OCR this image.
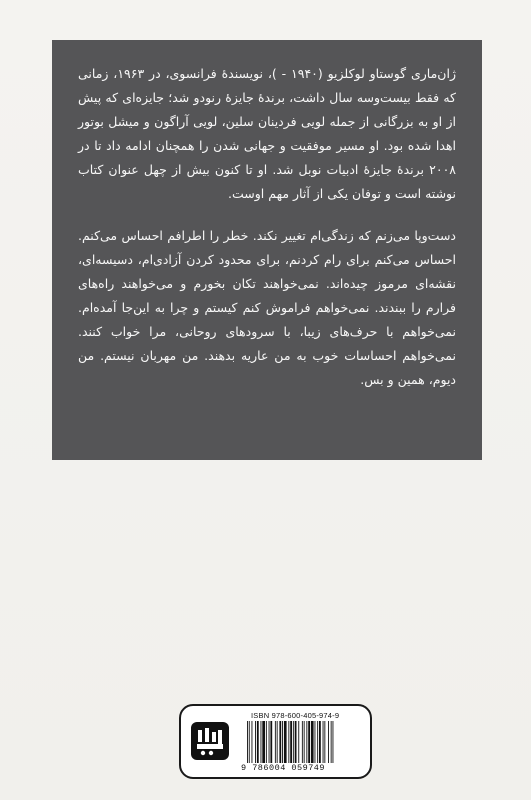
ژان‌ماری گوستاو لوکلزیو (۱۹۴۰ - )، نویسندهٔ فرانسوی، در ۱۹۶۳، زمانی که فقط بیست‌وسه سال داشت، برندهٔ جایزهٔ رنودو شد؛ جایزه‌ای که پیش از او به بزرگانی از جمله لویی فردینان سلین، لویی آراگون و میشل بوتور اهدا شده بود. او مسیر موفقیت و جهانی شدن را همچنان ادامه داد تا در ۲۰۰۸ برندهٔ جایزهٔ ادبیات نوبل شد. او تا کنون بیش از چهل عنوان کتاب نوشته است و توفان یکی از آثار مهم اوست.

دست‌وپا می‌زنم که زندگی‌ام تغییر نکند. خطر را اطرافم احساس می‌کنم. احساس می‌کنم برای رام کردنم، برای محدود کردن آزادی‌ام، دسیسه‌ای، نقشه‌ای مرموز چیده‌اند. نمی‌خواهند تکان بخورم و می‌خواهند راه‌های فرارم را ببندند. نمی‌خواهم فراموش کنم کیستم و چرا به این‌جا آمده‌ام. نمی‌خواهم با حرف‌های زیبا، با سرودهای روحانی، مرا خواب کنند. نمی‌خواهم احساسات خوب به من عاریه بدهند. من مهربان نیستم. من دیوم، همین و بس.

ISBN 978-600-405-974-9
9 786004 059749
